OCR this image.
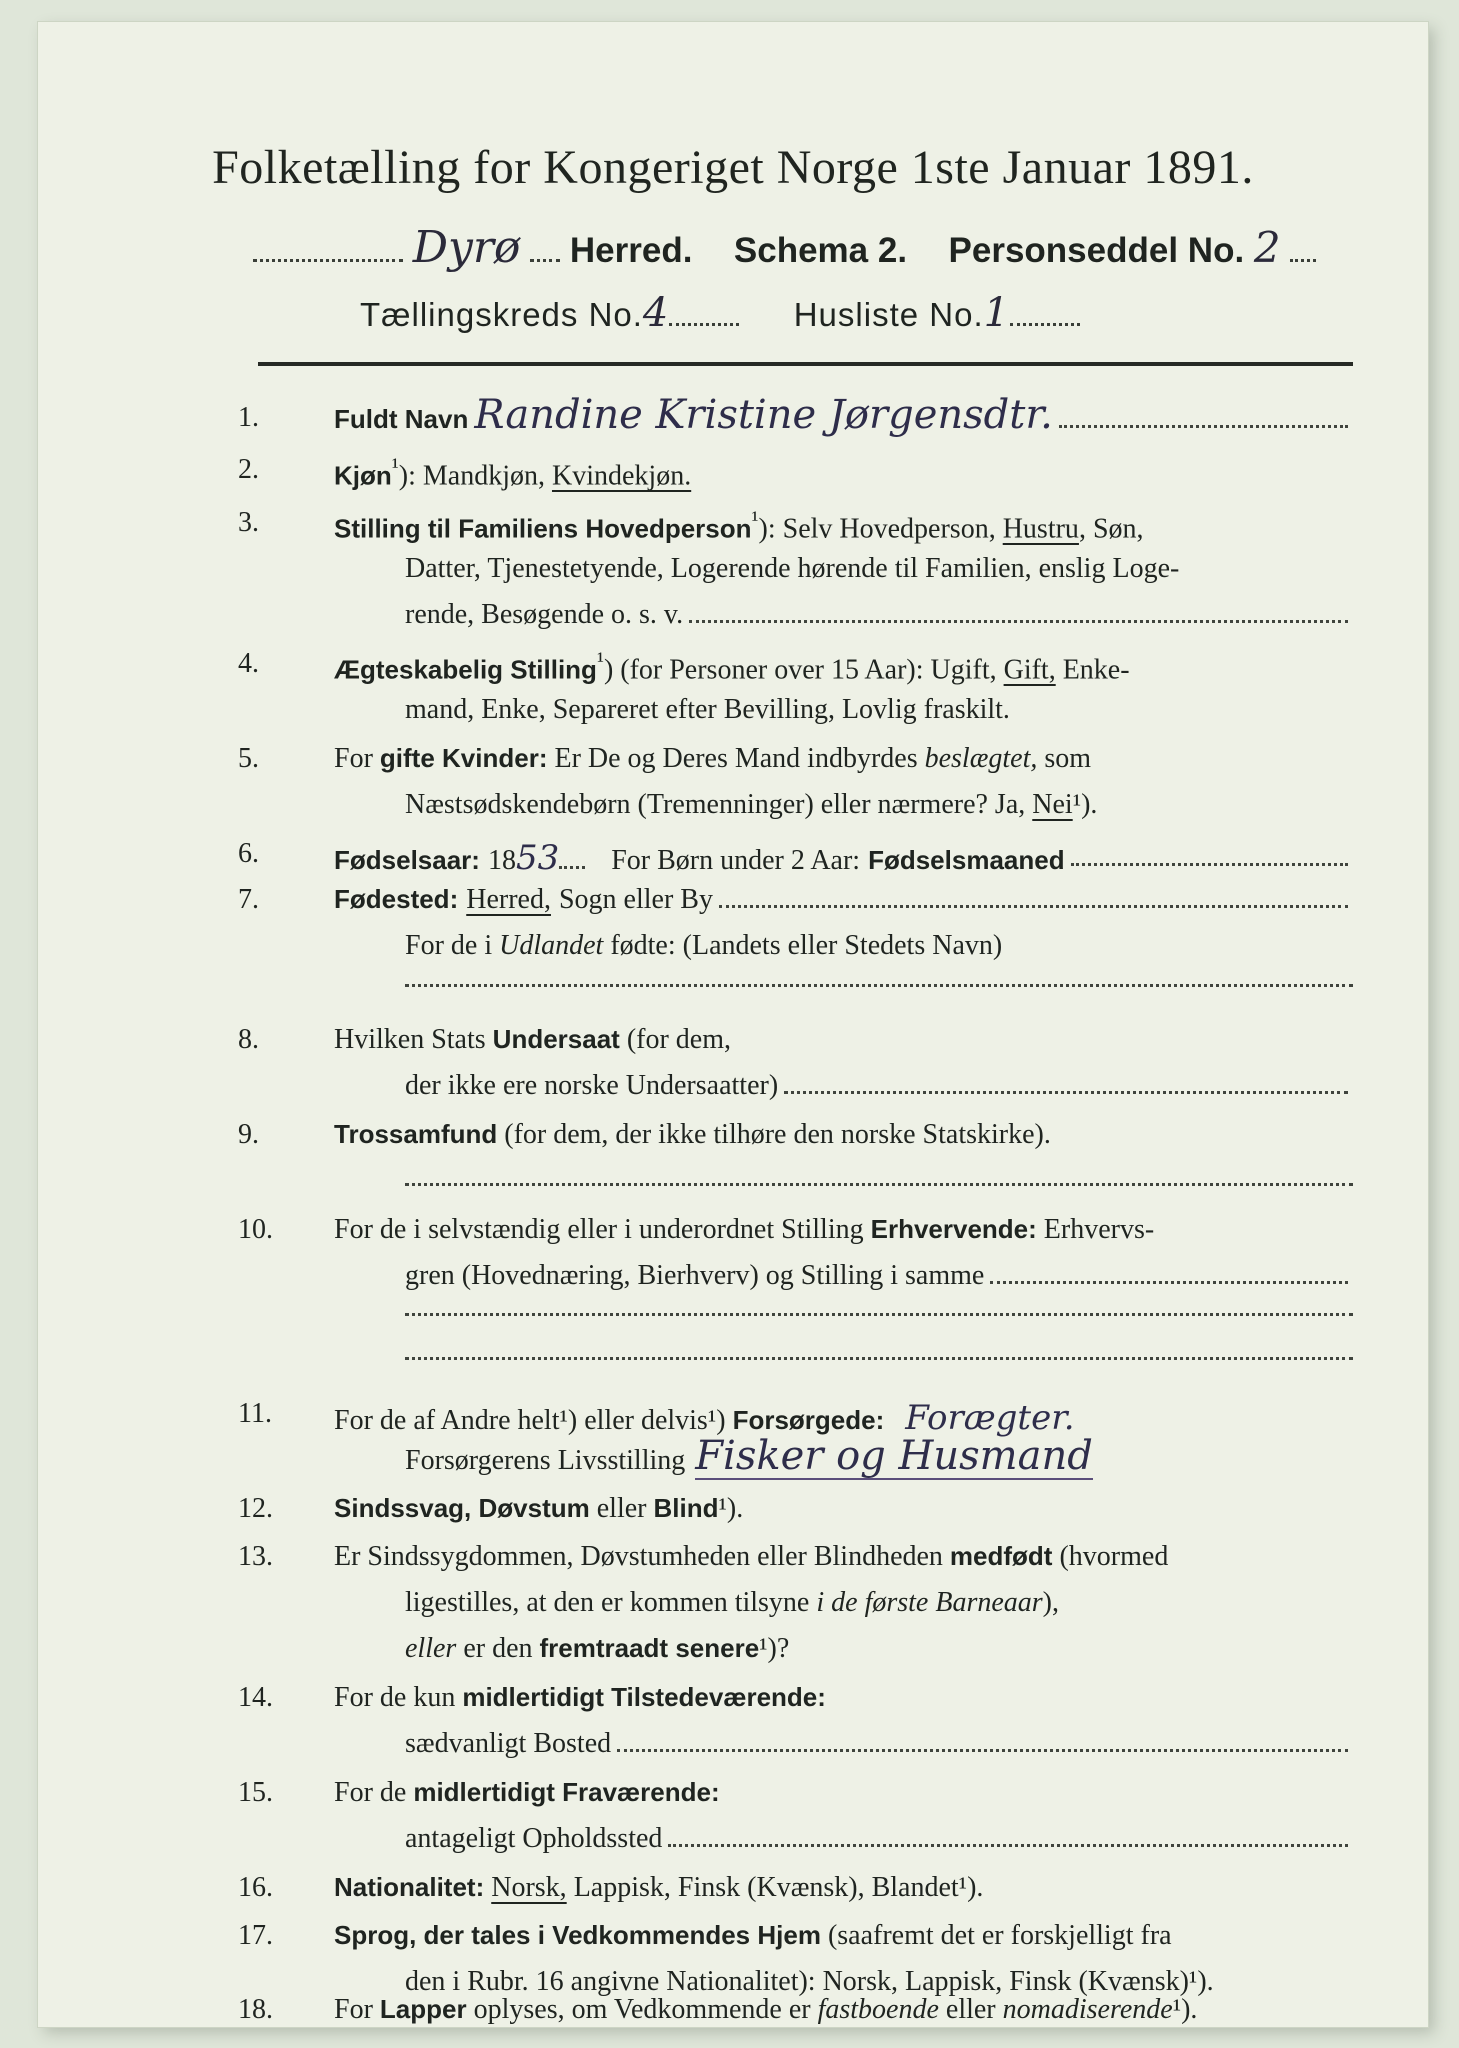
Folketælling for Kongeriget Norge 1ste Januar 1891.
Dyrø Herred. Schema 2. Personseddel No. 2
Tællingskreds No.4	Husliste No.1
1.	Fuldt Navn Randine Kristine Jørgensdtr.
2.	Kjøn$^{^1}$): Mandkjøn, Kvindekjøn.
3.	Stilling til Familiens Hovedperson$^{^1}$): Selv Hovedperson, Hustru, Søn,
Datter, Tjenestetyende, Logerende hørende til Familien, enslig Loge-
rende, Besøgende o. s. v.
4.	Ægteskabelig Stilling$^{^1}$) (for Personer over 15 Aar): Ugift, Gift, Enke-
mand, Enke, Separeret efter Bevilling, Lovlig fraskilt.
5.	For gifte Kvinder: Er De og Deres Mand indbyrdes beslægtet, som
Næstsødskendebørn (Tremenninger) eller nærmere? Ja, Nei¹).
6.	Fødselsaar: 18 53 For Børn under 2 Aar: Fødselsmaaned
7.	Fødested: Herred, Sogn eller By
For de i Udlandet fødte: (Landets eller Stedets Navn)
8.	Hvilken Stats Undersaat (for dem,
der ikke ere norske Undersaatter)
9.	Trossamfund (for dem, der ikke tilhøre den norske Statskirke).
10.	For de i selvstændig eller i underordnet Stilling Erhvervende: Erhvervs-
gren (Hovednæring, Bierhverv) og Stilling i samme
11.	For de af Andre helt¹) eller delvis¹) Forsørgede: Forægter.
Forsørgerens Livsstilling Fisker og Husmand
12.	Sindssvag, Døvstum eller Blind¹).
13.	Er Sindssygdommen, Døvstumheden eller Blindheden medfødt (hvormed
ligestilles, at den er kommen tilsyne i de første Barneaar),
eller er den fremtraadt senere¹)?
14.	For de kun midlertidigt Tilstedeværende:
sædvanligt Bosted
15.	For de midlertidigt Fraværende:
antageligt Opholdssted
16.	Nationalitet: Norsk, Lappisk, Finsk (Kvænsk), Blandet¹).
17.	Sprog, der tales i Vedkommendes Hjem (saafremt det er forskjelligt fra
den i Rubr. 16 angivne Nationalitet): Norsk, Lappisk, Finsk (Kvænsk)¹).
18.	For Lapper oplyses, om Vedkommende er fastboende eller nomadiserende¹).
